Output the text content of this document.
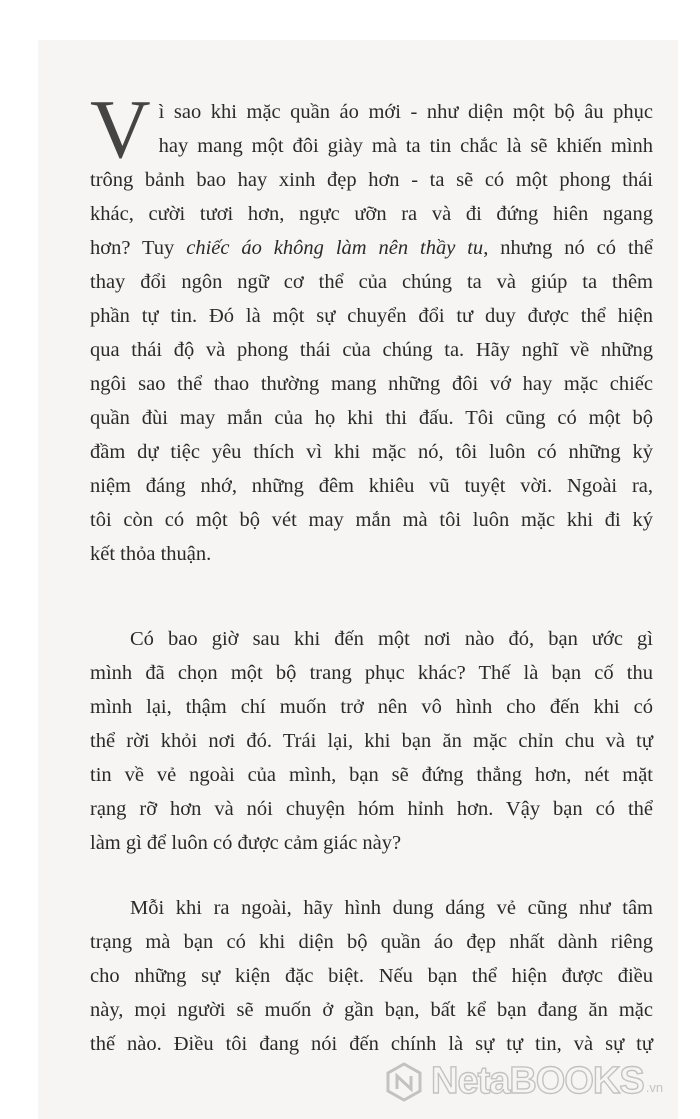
V ì sao khi mặc quần áo mới - như diện một bộ âu phục
hay mang một đôi giày mà ta tin chắc là sẽ khiến mình
trông bảnh bao hay xinh đẹp hơn - ta sẽ có một phong thái
khác, cười tươi hơn, ngực ưỡn ra và đi đứng hiên ngang
hơn? Tuy chiếc áo không làm nên thầy tu, nhưng nó có thể
thay đổi ngôn ngữ cơ thể của chúng ta và giúp ta thêm
phần tự tin. Đó là một sự chuyển đổi tư duy được thể hiện
qua thái độ và phong thái của chúng ta. Hãy nghĩ về những
ngôi sao thể thao thường mang những đôi vớ hay mặc chiếc
quần đùi may mắn của họ khi thi đấu. Tôi cũng có một bộ
đầm dự tiệc yêu thích vì khi mặc nó, tôi luôn có những kỷ
niệm đáng nhớ, những đêm khiêu vũ tuyệt vời. Ngoài ra,
tôi còn có một bộ vét may mắn mà tôi luôn mặc khi đi ký
kết thỏa thuận.
Có bao giờ sau khi đến một nơi nào đó, bạn ước gì
mình đã chọn một bộ trang phục khác? Thế là bạn cố thu
mình lại, thậm chí muốn trở nên vô hình cho đến khi có
thể rời khỏi nơi đó. Trái lại, khi bạn ăn mặc chỉn chu và tự
tin về vẻ ngoài của mình, bạn sẽ đứng thẳng hơn, nét mặt
rạng rỡ hơn và nói chuyện hóm hỉnh hơn. Vậy bạn có thể
làm gì để luôn có được cảm giác này?
Mỗi khi ra ngoài, hãy hình dung dáng vẻ cũng như tâm
trạng mà bạn có khi diện bộ quần áo đẹp nhất dành riêng
cho những sự kiện đặc biệt. Nếu bạn thể hiện được điều
này, mọi người sẽ muốn ở gần bạn, bất kể bạn đang ăn mặc
thế nào. Điều tôi đang nói đến chính là sự tự tin, và sự tự
NetaBOOKS .vn
